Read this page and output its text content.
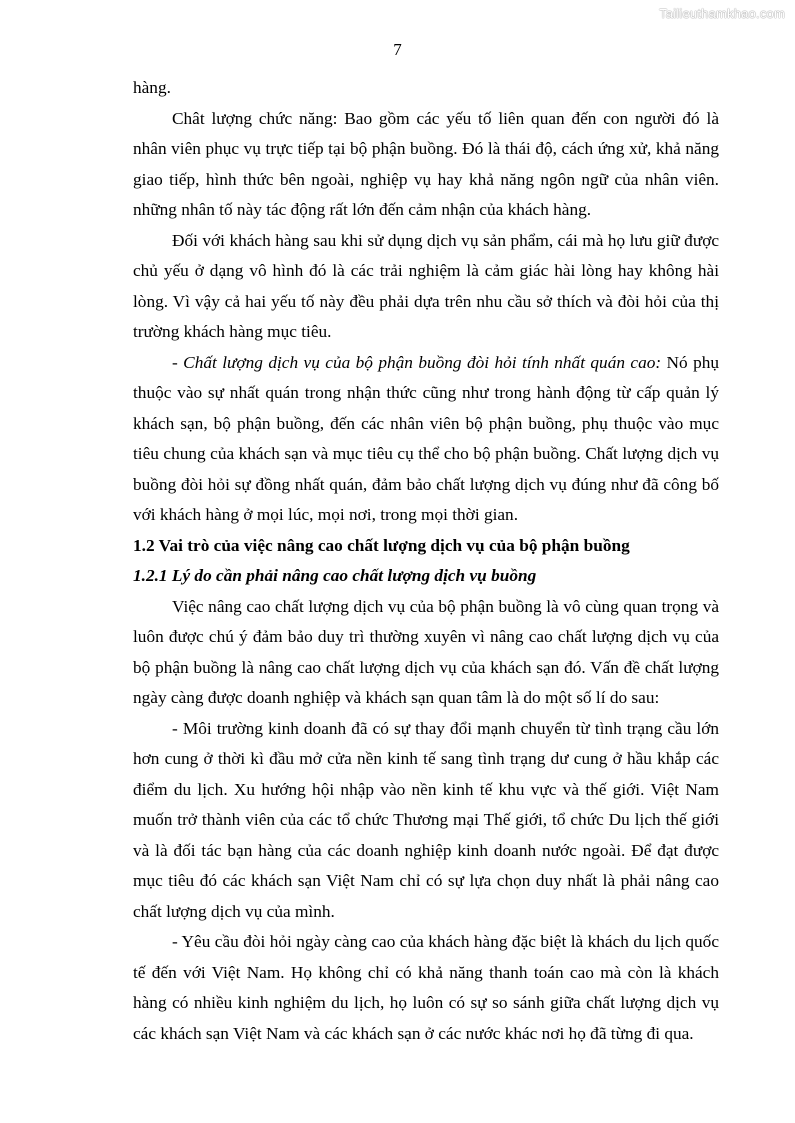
Tailieuthamkhao.com
7

hàng.

Chât lượng chức năng: Bao gồm các yếu tố liên quan đến con người đó là nhân viên phục vụ trực tiếp tại bộ phận buồng. Đó là thái độ, cách ứng xử, khả năng giao tiếp, hình thức bên ngoài, nghiệp vụ hay khả năng ngôn ngữ của nhân viên. những nhân tố này tác động rất lớn đến cảm nhận của khách hàng.

Đối với khách hàng sau khi sử dụng dịch vụ sản phẩm, cái mà họ lưu giữ được chủ yếu ở dạng vô hình đó là các trải nghiệm là cảm giác hài lòng hay không hài lòng. Vì vậy cả hai yếu tố này đều phải dựa trên nhu cầu sở thích và đòi hỏi của thị trường khách hàng mục tiêu.

- Chất lượng dịch vụ của bộ phận buồng đòi hỏi tính nhất quán cao: Nó phụ thuộc vào sự nhất quán trong nhận thức cũng như trong hành động từ cấp quản lý khách sạn, bộ phận buồng, đến các nhân viên bộ phận buồng, phụ thuộc vào mục tiêu chung của khách sạn và mục tiêu cụ thể cho bộ phận buồng. Chất lượng dịch vụ buồng đòi hỏi sự đồng nhất quán, đảm bảo chất lượng dịch vụ đúng như đã công bố với khách hàng ở mọi lúc, mọi nơi, trong mọi thời gian.

1.2 Vai trò của việc nâng cao chất lượng dịch vụ của bộ phận buồng

1.2.1 Lý do cần phải nâng cao chất lượng dịch vụ buồng

Việc nâng cao chất lượng dịch vụ của bộ phận buồng là vô cùng quan trọng và luôn được chú ý đảm bảo duy trì thường xuyên vì nâng cao chất lượng dịch vụ của bộ phận buồng là nâng cao chất lượng dịch vụ của khách sạn đó. Vấn đề chất lượng ngày càng được doanh nghiệp và khách sạn quan tâm là do một số lí do sau:

- Môi trường kinh doanh đã có sự thay đổi mạnh chuyển từ tình trạng cầu lớn hơn cung ở thời kì đầu mở cửa nền kinh tế sang tình trạng dư cung ở hầu khắp các điểm du lịch. Xu hướng hội nhập vào nền kinh tế khu vực và thế giới. Việt Nam muốn trở thành viên của các tổ chức Thương mại Thế giới, tổ chức Du lịch thế giới và là đối tác bạn hàng của các doanh nghiệp kinh doanh nước ngoài. Để đạt được mục tiêu đó các khách sạn Việt Nam chỉ có sự lựa chọn duy nhất là phải nâng cao chất lượng dịch vụ của mình.

- Yêu cầu đòi hỏi ngày càng cao của khách hàng đặc biệt là khách du lịch quốc tế đến với Việt Nam. Họ không chỉ có khả năng thanh toán cao mà còn là khách hàng có nhiều kinh nghiệm du lịch, họ luôn có sự so sánh giữa chất lượng dịch vụ các khách sạn Việt Nam và các khách sạn ở các nước khác nơi họ đã từng đi qua.
